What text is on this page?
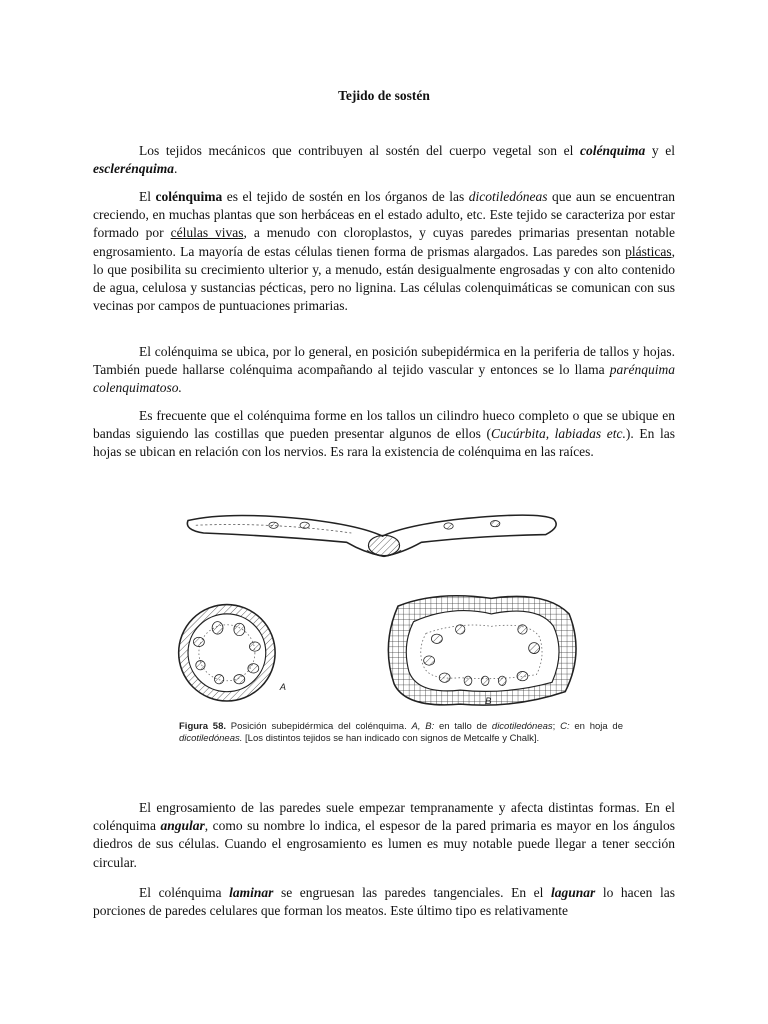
Tejido de sostén

Los tejidos mecánicos que contribuyen al sostén del cuerpo vegetal son el colénquima y el esclerénquima.

El colénquima es el tejido de sostén en los órganos de las dicotiledóneas que aun se encuentran creciendo, en muchas plantas que son herbáceas en el estado adulto, etc. Este tejido se caracteriza por estar formado por células vivas, a menudo con cloroplastos, y cuyas paredes primarias presentan notable engrosamiento. La mayoría de estas células tienen forma de prismas alargados. Las paredes son plásticas, lo que posibilita su crecimiento ulterior y, a menudo, están desigualmente engrosadas y con alto contenido de agua, celulosa y sustancias pécticas, pero no lignina. Las células colenquimáticas se comunican con sus vecinas por campos de puntuaciones primarias.

El colénquima se ubica, por lo general, en posición subepidérmica en la periferia de tallos y hojas. También puede hallarse colénquima acompañando al tejido vascular y entonces se lo llama parénquima colenquimatoso.

Es frecuente que el colénquima forme en los tallos un cilindro hueco completo o que se ubique en bandas siguiendo las costillas que pueden presentar algunos de ellos (Cucúrbita, labiadas etc.). En las hojas se ubican en relación con los nervios. Es rara la existencia de colénquima en las raíces.

El engrosamiento de las paredes suele empezar tempranamente y afecta distintas formas. En el colénquima angular, como su nombre lo indica, el espesor de la pared primaria es mayor en los ángulos diedros de sus células. Cuando el engrosamiento es lumen es muy notable puede llegar a tener sección circular.

El colénquima laminar se engruesan las paredes tangenciales. En el lagunar lo hacen las porciones de paredes celulares que forman los meatos. Este último tipo es relativamente

A
B
Figura 58. Posición subepidérmica del colénquima. A, B: en tallo de dicotiledóneas; C: en hoja de dicotiledóneas. [Los distintos tejidos se han indicado con signos de Metcalfe y Chalk].
